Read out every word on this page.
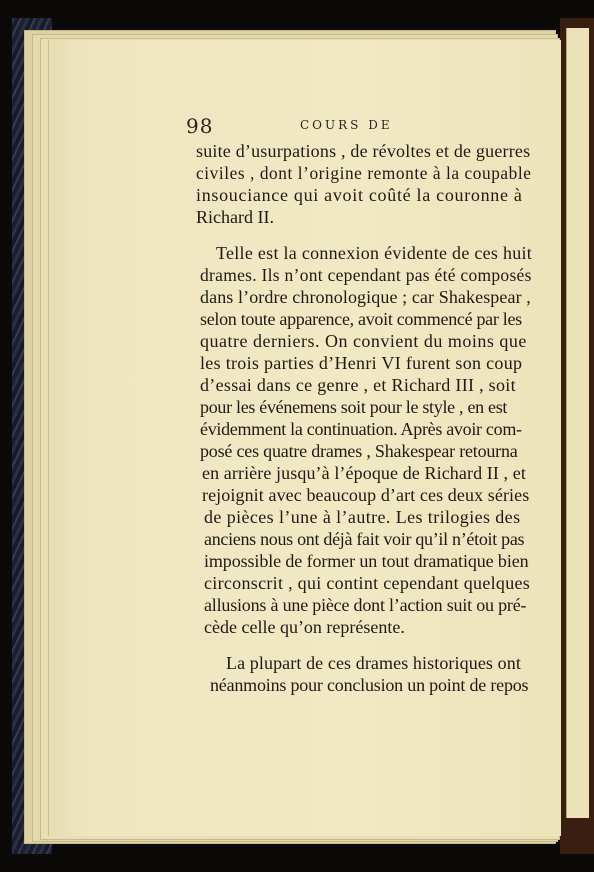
98	COURS DE
suite d’usurpations , de révoltes et de guerres
civiles , dont l’origine remonte à la coupable
insouciance qui avoit coûté la couronne à
Richard II.
Telle est la connexion évidente de ces huit
drames. Ils n’ont cependant pas été composés
dans l’ordre chronologique ; car Shakespear ,
selon toute apparence, avoit commencé par les
quatre derniers. On convient du moins que
les trois parties d’Henri VI furent son coup
d’essai dans ce genre , et Richard III , soit
pour les événemens soit pour le style , en est
évidemment la continuation. Après avoir com-
posé ces quatre drames , Shakespear retourna
en arrière jusqu’à l’époque de Richard II , et
rejoignit avec beaucoup d’art ces deux séries
de pièces l’une à l’autre. Les trilogies des
anciens nous ont déjà fait voir qu’il n’étoit pas
impossible de former un tout dramatique bien
circonscrit , qui contint cependant quelques
allusions à une pièce dont l’action suit ou pré-
cède celle qu’on représente.
La plupart de ces drames historiques ont
néanmoins pour conclusion un point de repos
